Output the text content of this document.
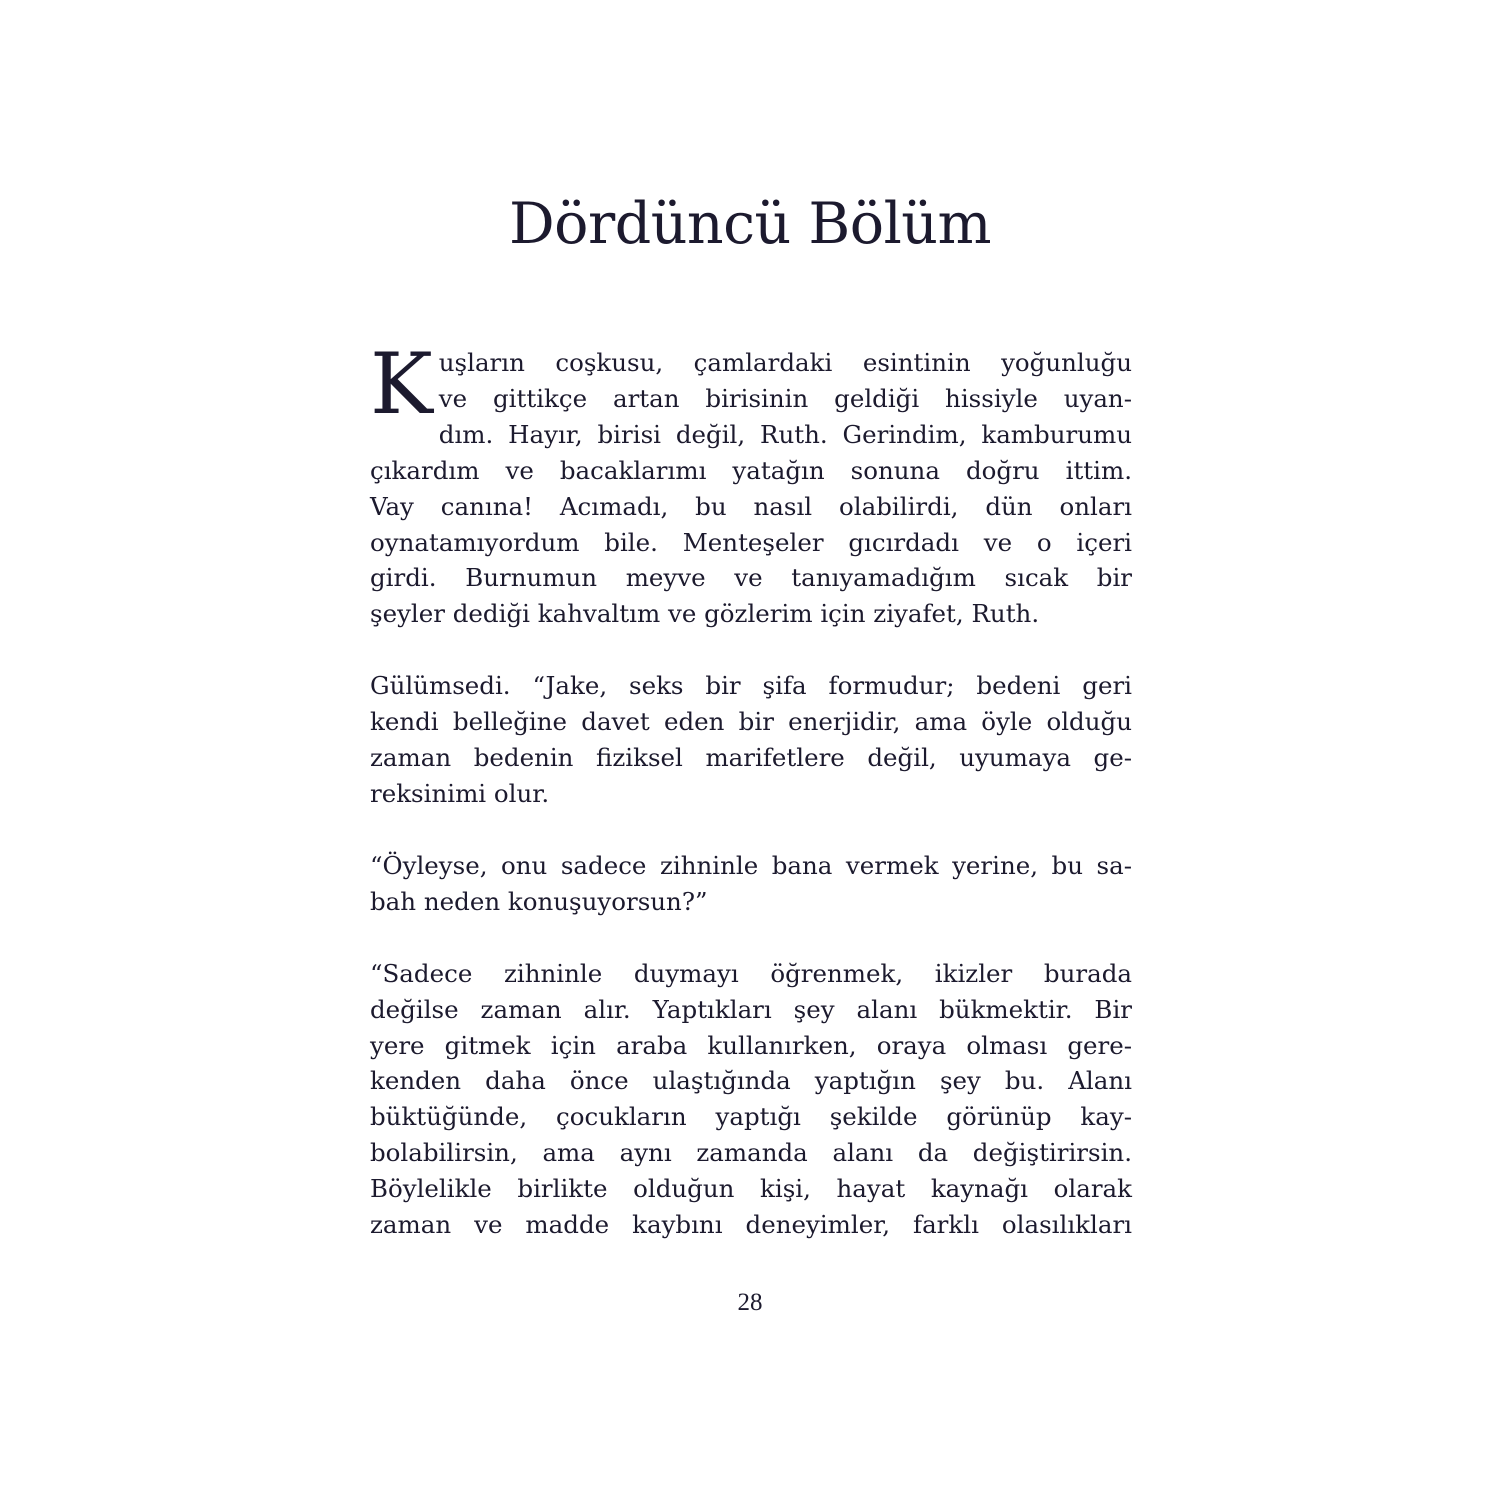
Dördüncü Bölüm

K uşların coşkusu, çamlardaki esintinin yoğunluğu
ve gittikçe artan birisinin geldiği hissiyle uyan-
dım. Hayır, birisi değil, Ruth. Gerindim, kamburumu
çıkardım ve bacaklarımı yatağın sonuna doğru ittim.
Vay canına! Acımadı, bu nasıl olabilirdi, dün onları
oynatamıyordum bile. Menteşeler gıcırdadı ve o içeri
girdi. Burnumun meyve ve tanıyamadığım sıcak bir
şeyler dediği kahvaltım ve gözlerim için ziyafet, Ruth.

Gülümsedi. “Jake, seks bir şifa formudur; bedeni geri
kendi belleğine davet eden bir enerjidir, ama öyle olduğu
zaman bedenin fiziksel marifetlere değil, uyumaya ge-
reksinimi olur.

“Öyleyse, onu sadece zihninle bana vermek yerine, bu sa-
bah neden konuşuyorsun?”

“Sadece zihninle duymayı öğrenmek, ikizler burada
değilse zaman alır. Yaptıkları şey alanı bükmektir. Bir
yere gitmek için araba kullanırken, oraya olması gere-
kenden daha önce ulaştığında yaptığın şey bu. Alanı
büktüğünde, çocukların yaptığı şekilde görünüp kay-
bolabilirsin, ama aynı zamanda alanı da değiştirirsin.
Böylelikle birlikte olduğun kişi, hayat kaynağı olarak
zaman ve madde kaybını deneyimler, farklı olasılıkları

28
